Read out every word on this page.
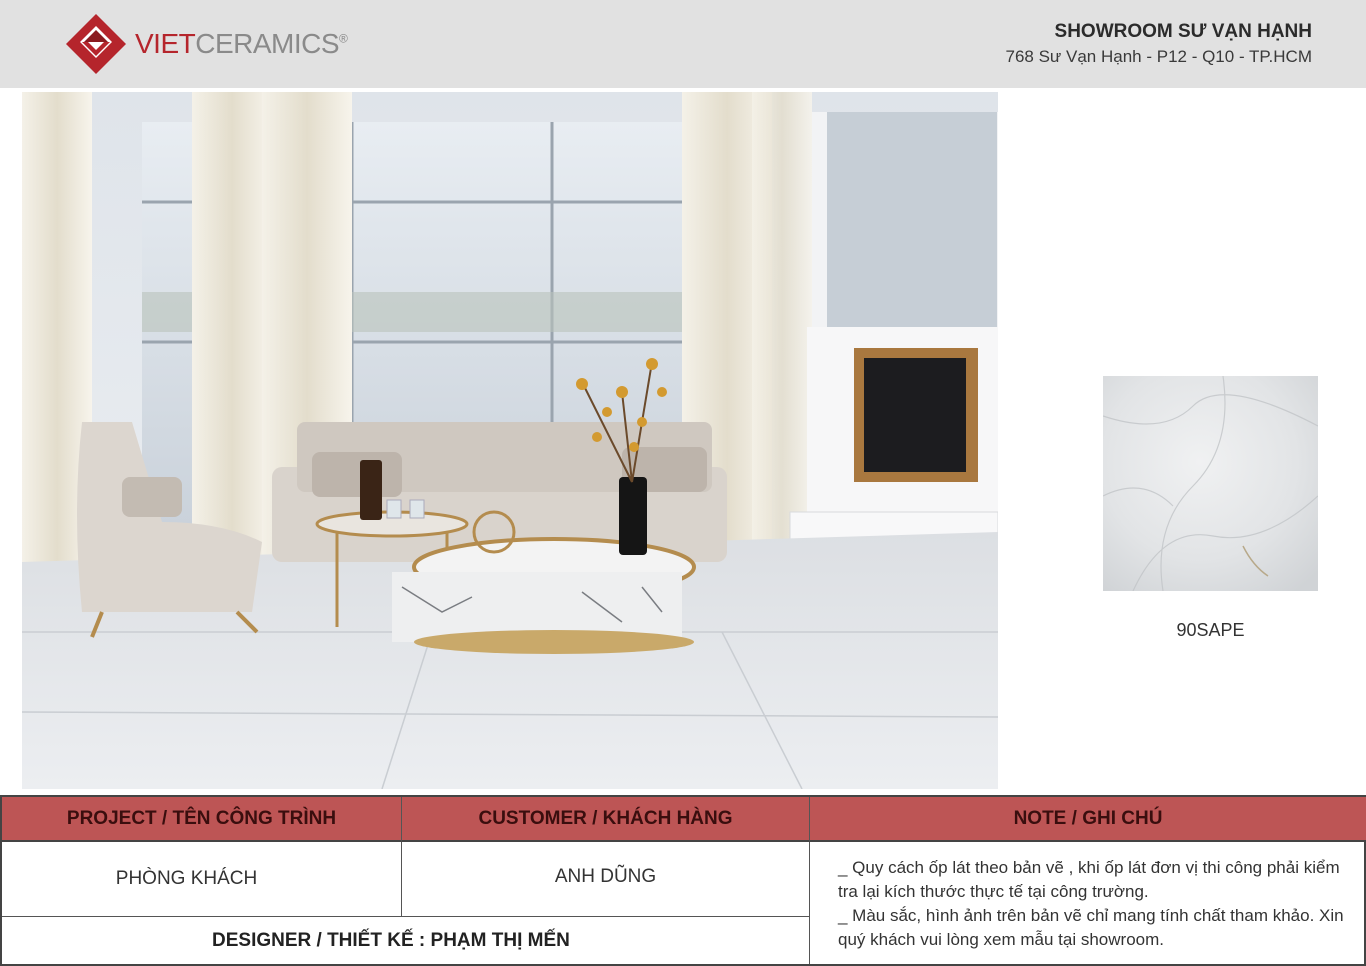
VIETCERAMICS®	SHOWROOM SƯ VẠN HẠNH
768 Sư Vạn Hạnh - P12 - Q10 - TP.HCM
90SAPE
PROJECT / TÊN CÔNG TRÌNH	CUSTOMER / KHÁCH HÀNG	NOTE / GHI CHÚ
PHÒNG KHÁCH	ANH DŨNG
DESIGNER / THIẾT KẾ : PHẠM THỊ MẾN
_ Quy cách ốp lát theo bản vẽ , khi ốp lát đơn vị thi công phải kiểm tra lại kích thước thực tế tại công trường.
_ Màu sắc, hình ảnh trên bản vẽ chỉ mang tính chất tham khảo. Xin quý khách vui lòng xem mẫu tại showroom.
